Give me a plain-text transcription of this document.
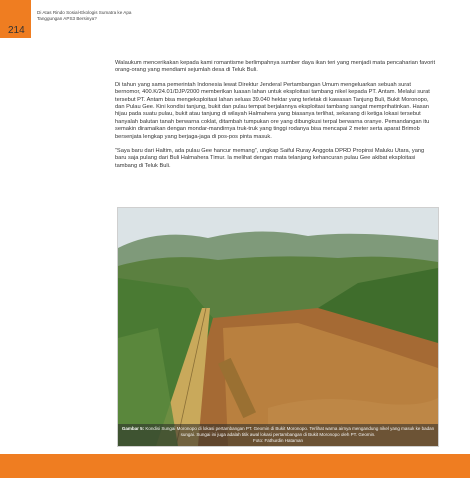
214
Di Atas Rindo Sosial-Ekologis Sumatra ke Apa
Tanggungan APS3 Bersinya?

Walaukum mencerikakan kepada kami romantisme berlimpahnya sumber daya ikan teri yang menjadi mata pencaharian favorit orang-orang yang mendiami sejumlah desa di Teluk Buli.

Di tahun yang sama pemerintah Indonesia lewat Direktur Jenderal Pertambangan Umum mengeluarkan sebuah surat bernomor, 400.K/24.01/DJP/2000 memberikan luasan lahan untuk eksploitasi tambang nikel kepada PT. Antam. Melalui surat tersebut PT. Antam bisa mengeksploitasi lahan seluas 39.040 hektar yang terletak di kawasan Tanjung Buli, Bukit Moronopo, dan Pulau Gee. Kini kondisi tanjung, bukit dan pulau tempat berjalannya eksploitasi tambang sangat memprihatinkan. Hasan hijau pada suatu pulau, bukit atau tanjung di wilayah Halmahera yang biasanya terlihat, sekarang di ketiga lokasi tersebut hanyalah balutan tanah berwarna coklat, ditambah tumpukan ore yang dibungkusi terpal berwarna oranye. Pemandangan itu semakin diramaikan dengan mondar-mandirnya truk-truk yang tinggi rodanya bisa mencapai 2 meter serta aparat Brimob bersenjata lengkap yang berjaga-jaga di pos-pos pinta masuk.

“Saya baru dari Haltim, ada pulau Gee hancur memang”, ungkap Saiful Ruray Anggota DPRD Propinsi Maluku Utara, yang baru saja pulang dari Buli Halmahera Timur. Ia melihat dengan mata telanjang kehancuran pulau Gee akibat eksploitasi tambang di Teluk Buli.

Gambar 5: Kondisi Sungai Moronopo di lokasi pertambangan PT. Geomin di Bukit Moronopo. Terlihat warna airnya mengandung nikel yang masuk ke badan sungai. Sungai ini juga adalah titik awal lokasi pertambangan di Bukit Moronopo oleh PT. Geomin.
Foto: Fathurdin Hataman
